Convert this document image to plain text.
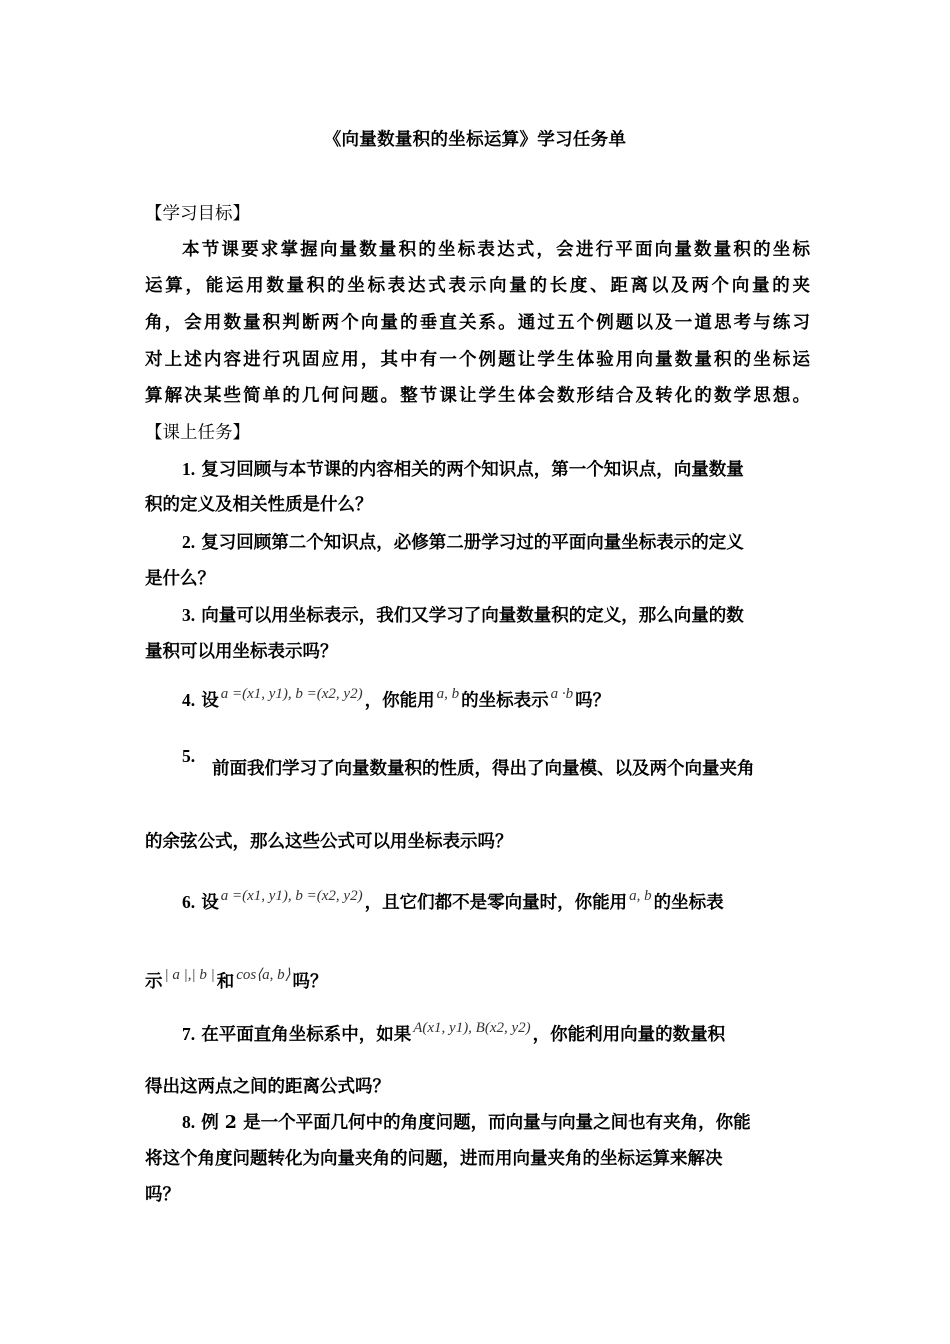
《向量数量积的坐标运算》学习任务单
【学习目标】
本节课要求掌握向量数量积的坐标表达式，会进行平面向量数量积的坐标
运算，能运用数量积的坐标表达式表示向量的长度、距离以及两个向量的夹
角，会用数量积判断两个向量的垂直关系。通过五个例题以及一道思考与练习
对上述内容进行巩固应用，其中有一个例题让学生体验用向量数量积的坐标运
算解决某些简单的几何问题。整节课让学生体会数形结合及转化的数学思想。
【课上任务】
1. 复习回顾与本节课的内容相关的两个知识点，第一个知识点，向量数量
积的定义及相关性质是什么？
2. 复习回顾第二个知识点，必修第二册学习过的平面向量坐标表示的定义
是什么？
3. 向量可以用坐标表示，我们又学习了向量数量积的定义，那么向量的数
量积可以用坐标表示吗？
4. 设 a =(x1, y1), b =(x2, y2) ，你能用 a, b 的坐标表示 a ·b 吗？
5.
前面我们学习了向量数量积的性质，得出了向量模、以及两个向量夹角
的余弦公式，那么这些公式可以用坐标表示吗？
6. 设 a =(x1, y1), b =(x2, y2) ，且它们都不是零向量时，你能用 a, b 的坐标表
示 | a |,| b | 和 cos⟨a, b⟩ 吗？
7. 在平面直角坐标系中，如果 A(x1, y1), B(x2, y2) ，你能利用向量的数量积
得出这两点之间的距离公式吗？
8. 例 2 是一个平面几何中的角度问题，而向量与向量之间也有夹角，你能
将这个角度问题转化为向量夹角的问题，进而用向量夹角的坐标运算来解决
吗？
